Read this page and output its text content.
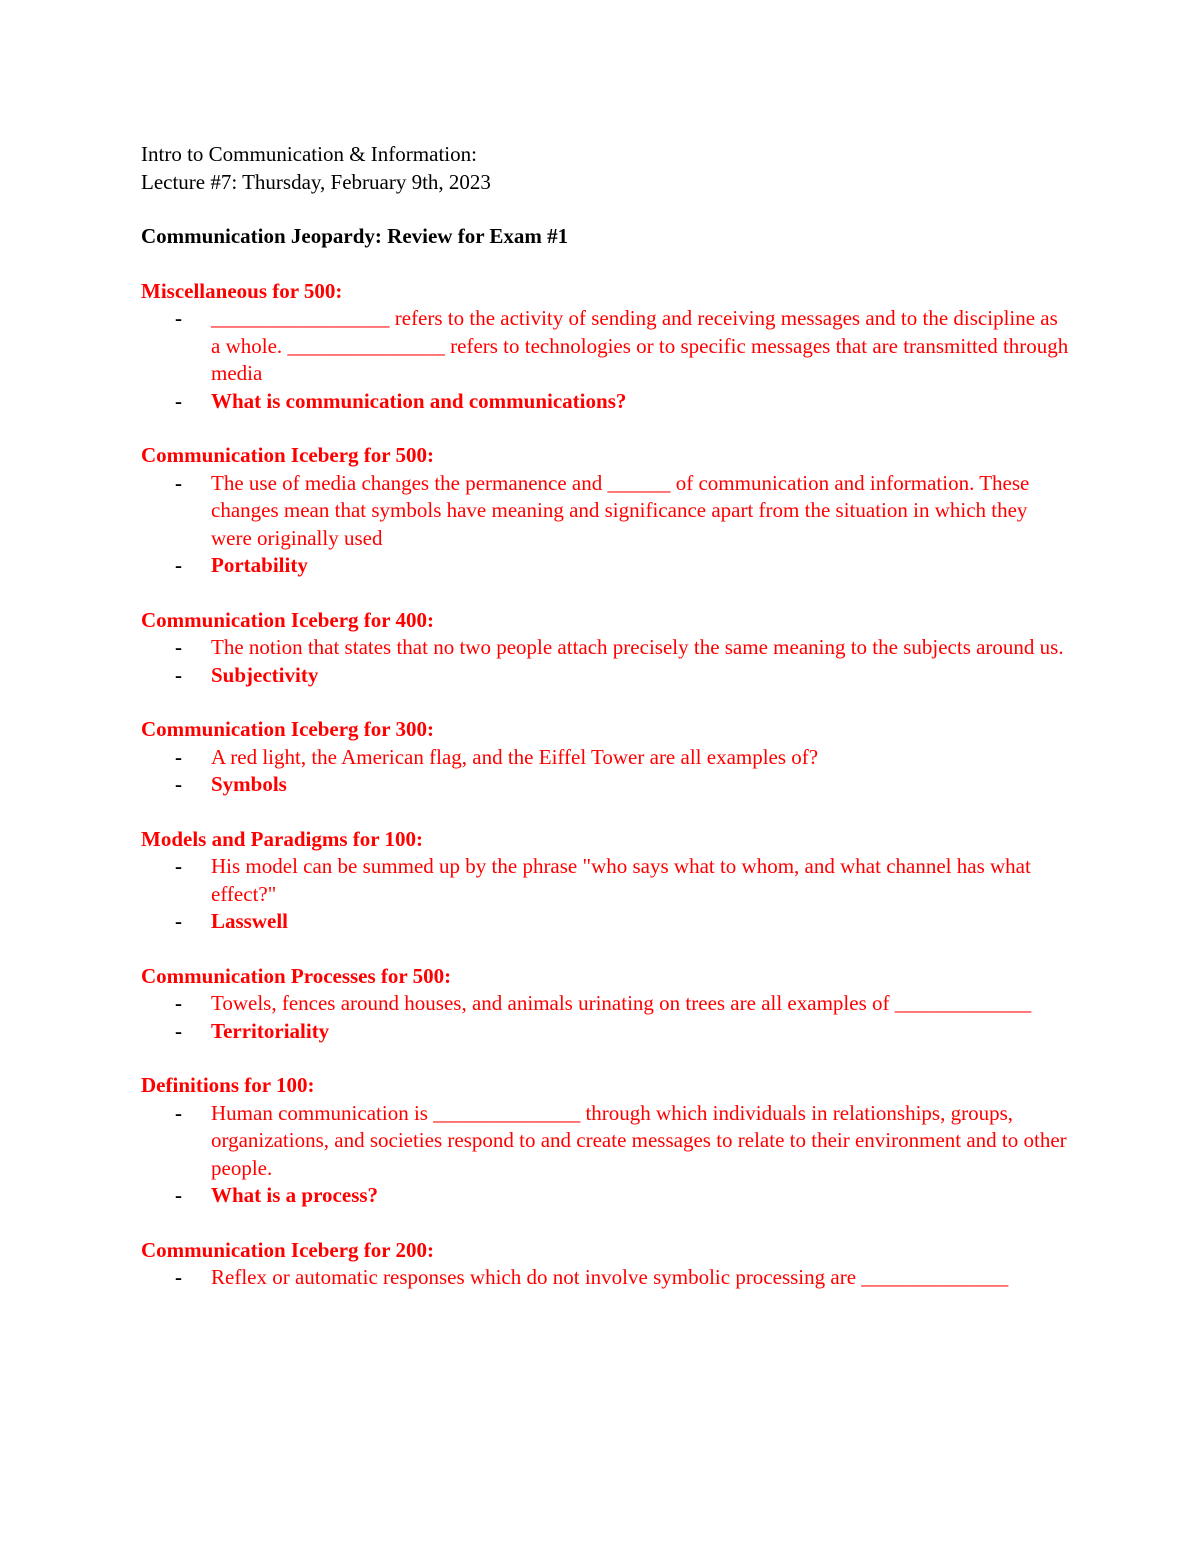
Intro to Communication & Information:

Lecture #7: Thursday, February 9th, 2023

Communication Jeopardy: Review for Exam #1

Miscellaneous for 500:

- _________________ refers to the activity of sending and receiving messages and to the discipline as a whole. _______________ refers to technologies or to specific messages that are transmitted through media
- What is communication and communications?

Communication Iceberg for 500:

- The use of media changes the permanence and ______ of communication and information. These changes mean that symbols have meaning and significance apart from the situation in which they were originally used
- Portability

Communication Iceberg for 400:

- The notion that states that no two people attach precisely the same meaning to the subjects around us.
- Subjectivity

Communication Iceberg for 300:

- A red light, the American flag, and the Eiffel Tower are all examples of?
- Symbols

Models and Paradigms for 100:

- His model can be summed up by the phrase "who says what to whom, and what channel has what effect?"
- Lasswell

Communication Processes for 500:

- Towels, fences around houses, and animals urinating on trees are all examples of _____________
- Territoriality

Definitions for 100:

- Human communication is ______________ through which individuals in relationships, groups, organizations, and societies respond to and create messages to relate to their environment and to other people.
- What is a process?

Communication Iceberg for 200:

- Reflex or automatic responses which do not involve symbolic processing are ______________
